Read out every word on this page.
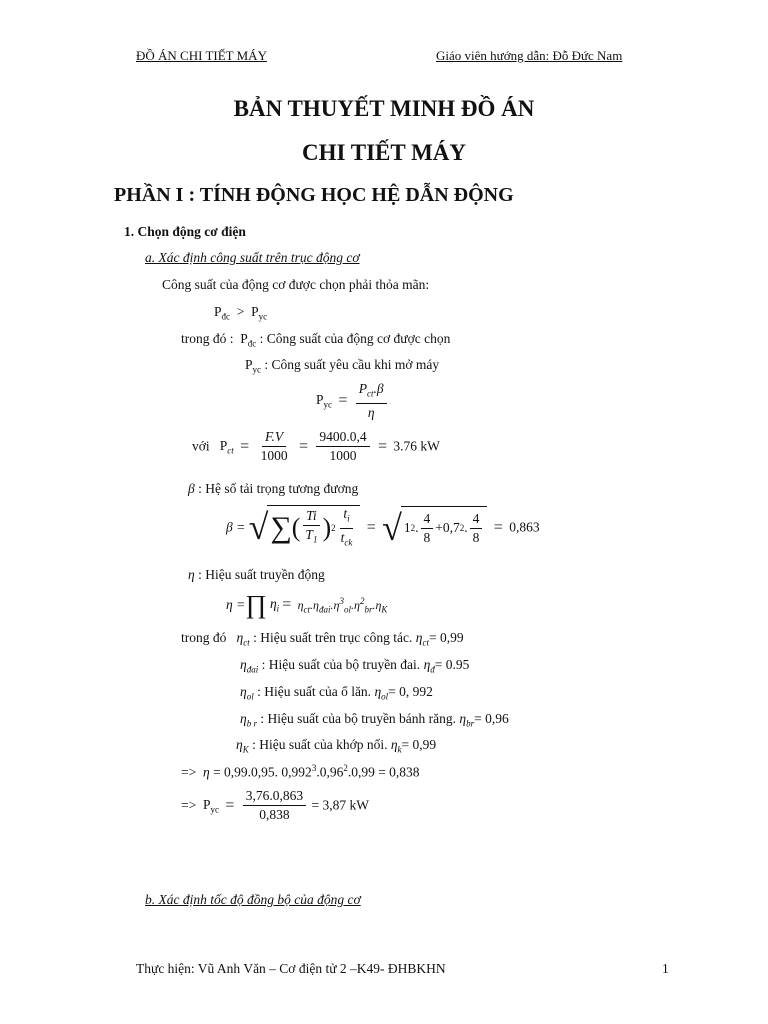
ĐỒ ÁN CHI TIẾT MÁY	Giáo viên hướng dẫn: Đỗ Đức Nam
BẢN THUYẾT MINH ĐỒ ÁN
CHI TIẾT MÁY
PHẦN I : TÍNH ĐỘNG HỌC HỆ DẪN ĐỘNG
1. Chọn động cơ điện
a. Xác định công suất trên trục động cơ
Công suất của động cơ được chọn phải thỏa mãn:
$P_{đc} > P_{yc}$
trong đó : $P_{đc}$ : Công suất của động cơ được chọn
$P_{yc}$ : Công suất yêu cầu khi mở máy
$P_{yc} = \frac{P_{ct}.\beta}{\eta}$
với $P_{ct} = \frac{F.V}{1000} = \frac{9400.0,4}{1000} = 3.76$ kW
β : Hệ số tải trọng tương đương
β = √ ∑ ( $\frac{Ti}{T_1}$ ) $2 \frac{t_i}{t_{ck}}$ = √ 1 2 . $\frac{4}{8} +0,7$ 2 . $\frac{4}{8} = 0,863$
η : Hiệu suất truyền động
η =∏ $\eta_i = \eta_{ct}.\eta_{đai}.\eta^3_{ol}.\eta^2_{br}.\eta_K$
trong đó $\eta_{ct}$ : Hiệu suất trên trục công tác. $\eta_{ct}= 0,99$
$\eta_{đai}$ : Hiệu suất của bộ truyền đai. $\eta_đ= 0.95$
$\eta_{ol}$ : Hiệu suất của ổ lăn. $\eta_{ol}= 0$, 992
$\eta_{b r}$ : Hiệu suất của bộ truyền bánh răng. $\eta_{br}= 0,96$
$\eta_K$ : Hiệu suất của khớp nối. $\eta_k= 0,99$
=> η = 0,99.0,95. $0,992^3.0,96^2.0,99 = 0,838$
=> $P_{yc} = \frac{3,76.0,863}{0,838} = 3,87$ kW
b. Xác định tốc độ đồng bộ của động cơ
Thực hiện: Vũ Anh Văn – Cơ điện tử 2 –K49- ĐHBKHN	1
